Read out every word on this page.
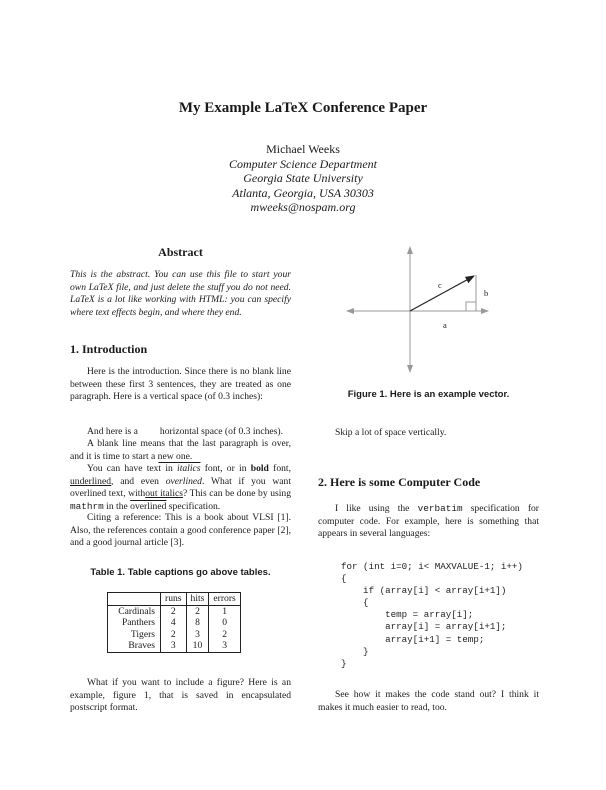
My Example LaTeX Conference Paper
Michael Weeks
Computer Science Department
Georgia State University
Atlanta, Georgia, USA 30303
mweeks@nospam.org
Abstract
This is the abstract. You can use this file to start your own LaTeX file, and just delete the stuff you do not need. LaTeX is a lot like working with HTML: you can specify where text effects begin, and where they end.
1. Introduction

Here is the introduction. Since there is no blank line between these first 3 sentences, they are treated as one paragraph. Here is a vertical space (of 0.3 inches):

And here is a horizontal space (of 0.3 inches).

A blank line means that the last paragraph is over, and it is time to start a new one.

You can have text in italics font, or in bold font, underlined, and even overlined. What if you want overlined text, without italics? This can be done by using mathrm in the overlined specification.

Citing a reference: This is a book about VLSI [1]. Also, the references contain a good conference paper [2], and a good journal article [3].

Table 1. Table captions go above tables.
	runs	hits	errors
Cardinals	2	2	1
Panthers	4	8	0
Tigers	2	3	2
Braves	3	10	3

What if you want to include a figure? Here is an example, figure 1, that is saved in encapsulated postscript format.

c
b
a
Figure 1. Here is an example vector.

Skip a lot of space vertically.

2. Here is some Computer Code

I like using the verbatim specification for computer code. For example, here is something that appears in several languages:

for (int i=0; i< MAXVALUE-1; i++)
{
if (array[i] < array[i+1])
{
temp = array[i];
array[i] = array[i+1];
array[i+1] = temp;
}
}

See how it makes the code stand out? I think it makes it much easier to read, too.
